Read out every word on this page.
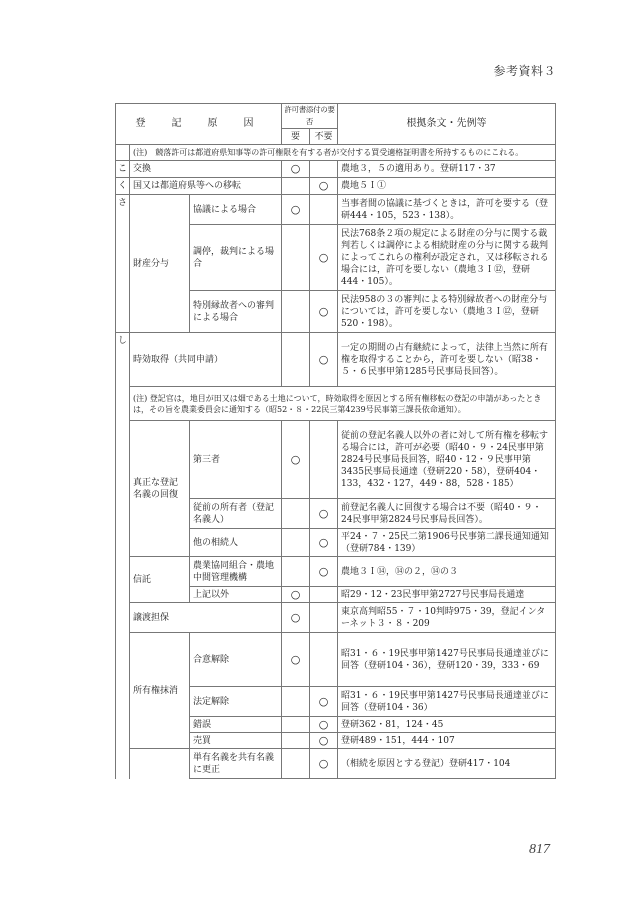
参考資料３
登　記　原　因			許可書添付の要否		根拠条文・先例等
			要	不要	
	(注)　競落許可は都道府県知事等の許可権限を有する者が交付する買受適格証明書を所持するものにこれる。				
こ	交換		○		農地３，５の適用あり。登研117・37
く	国又は都道府県等への移転			○	農地５Ｉ①
さ	財産分与	協議による場合	○		当事者間の協議に基づくときは，許可を要する（登研444・105，523・138）。
		調停，裁判による場合		○	民法768条２項の規定による財産の分与に関する裁判若しくは調停による相続財産の分与に関する裁判によってこれらの権利が設定され，又は移転される場合には，許可を要しない（農地３Ｉ⑫，登研444・105）。
		特別縁故者への審判による場合		○	民法958の３の審判による特別縁故者への財産分与については，許可を要しない（農地３Ｉ⑫，登研520・198）。
し	時効取得（共同申請）			○	一定の期間の占有継続によって，法律上当然に所有権を取得することから，許可を要しない（昭38・５・６民事甲第1285号民事局長回答）。
	(注) 登記官は，地目が田又は畑である土地について，時効取得を原因とする所有権移転の登記の申請があったときは，その旨を農業委員会に通知する（昭52・８・22民三第4239号民事第三課長依命通知）。				
	真正な登記名義の回復	第三者	○		従前の登記名義人以外の者に対して所有権を移転する場合には，許可が必要（昭40・９・24民事甲第2824号民事局長回答，昭40・12・９民事甲第3435民事局長通達（登研220・58），登研404・133，432・127，449・88，528・185）
		従前の所有者（登記名義人）		○	前登記名義人に回復する場合は不要（昭40・９・24民事甲第2824号民事局長回答）。
		他の相続人		○	平24・７・25民二第1906号民事第二課長通知通知（登研784・139）
	信託	農業協同組合・農地中間管理機構		○	農地３Ｉ⑭，⑭の２，⑭の３
		上記以外	○		昭29・12・23民事甲第2727号民事局長通達
	譲渡担保		○		東京高判昭55・７・10判時975・39，登記インターネット３・８・209
	所有権抹消	合意解除	○		昭31・６・19民事甲第1427号民事局長通達並びに回答（登研104・36），登研120・39，333・69
		法定解除		○	昭31・６・19民事甲第1427号民事局長通達並びに回答（登研104・36）
		錯誤		○	登研362・81，124・45
		売買		○	登研489・151，444・107
		単有名義を共有名義に更正		○	（相続を原因とする登記）登研417・104
817
